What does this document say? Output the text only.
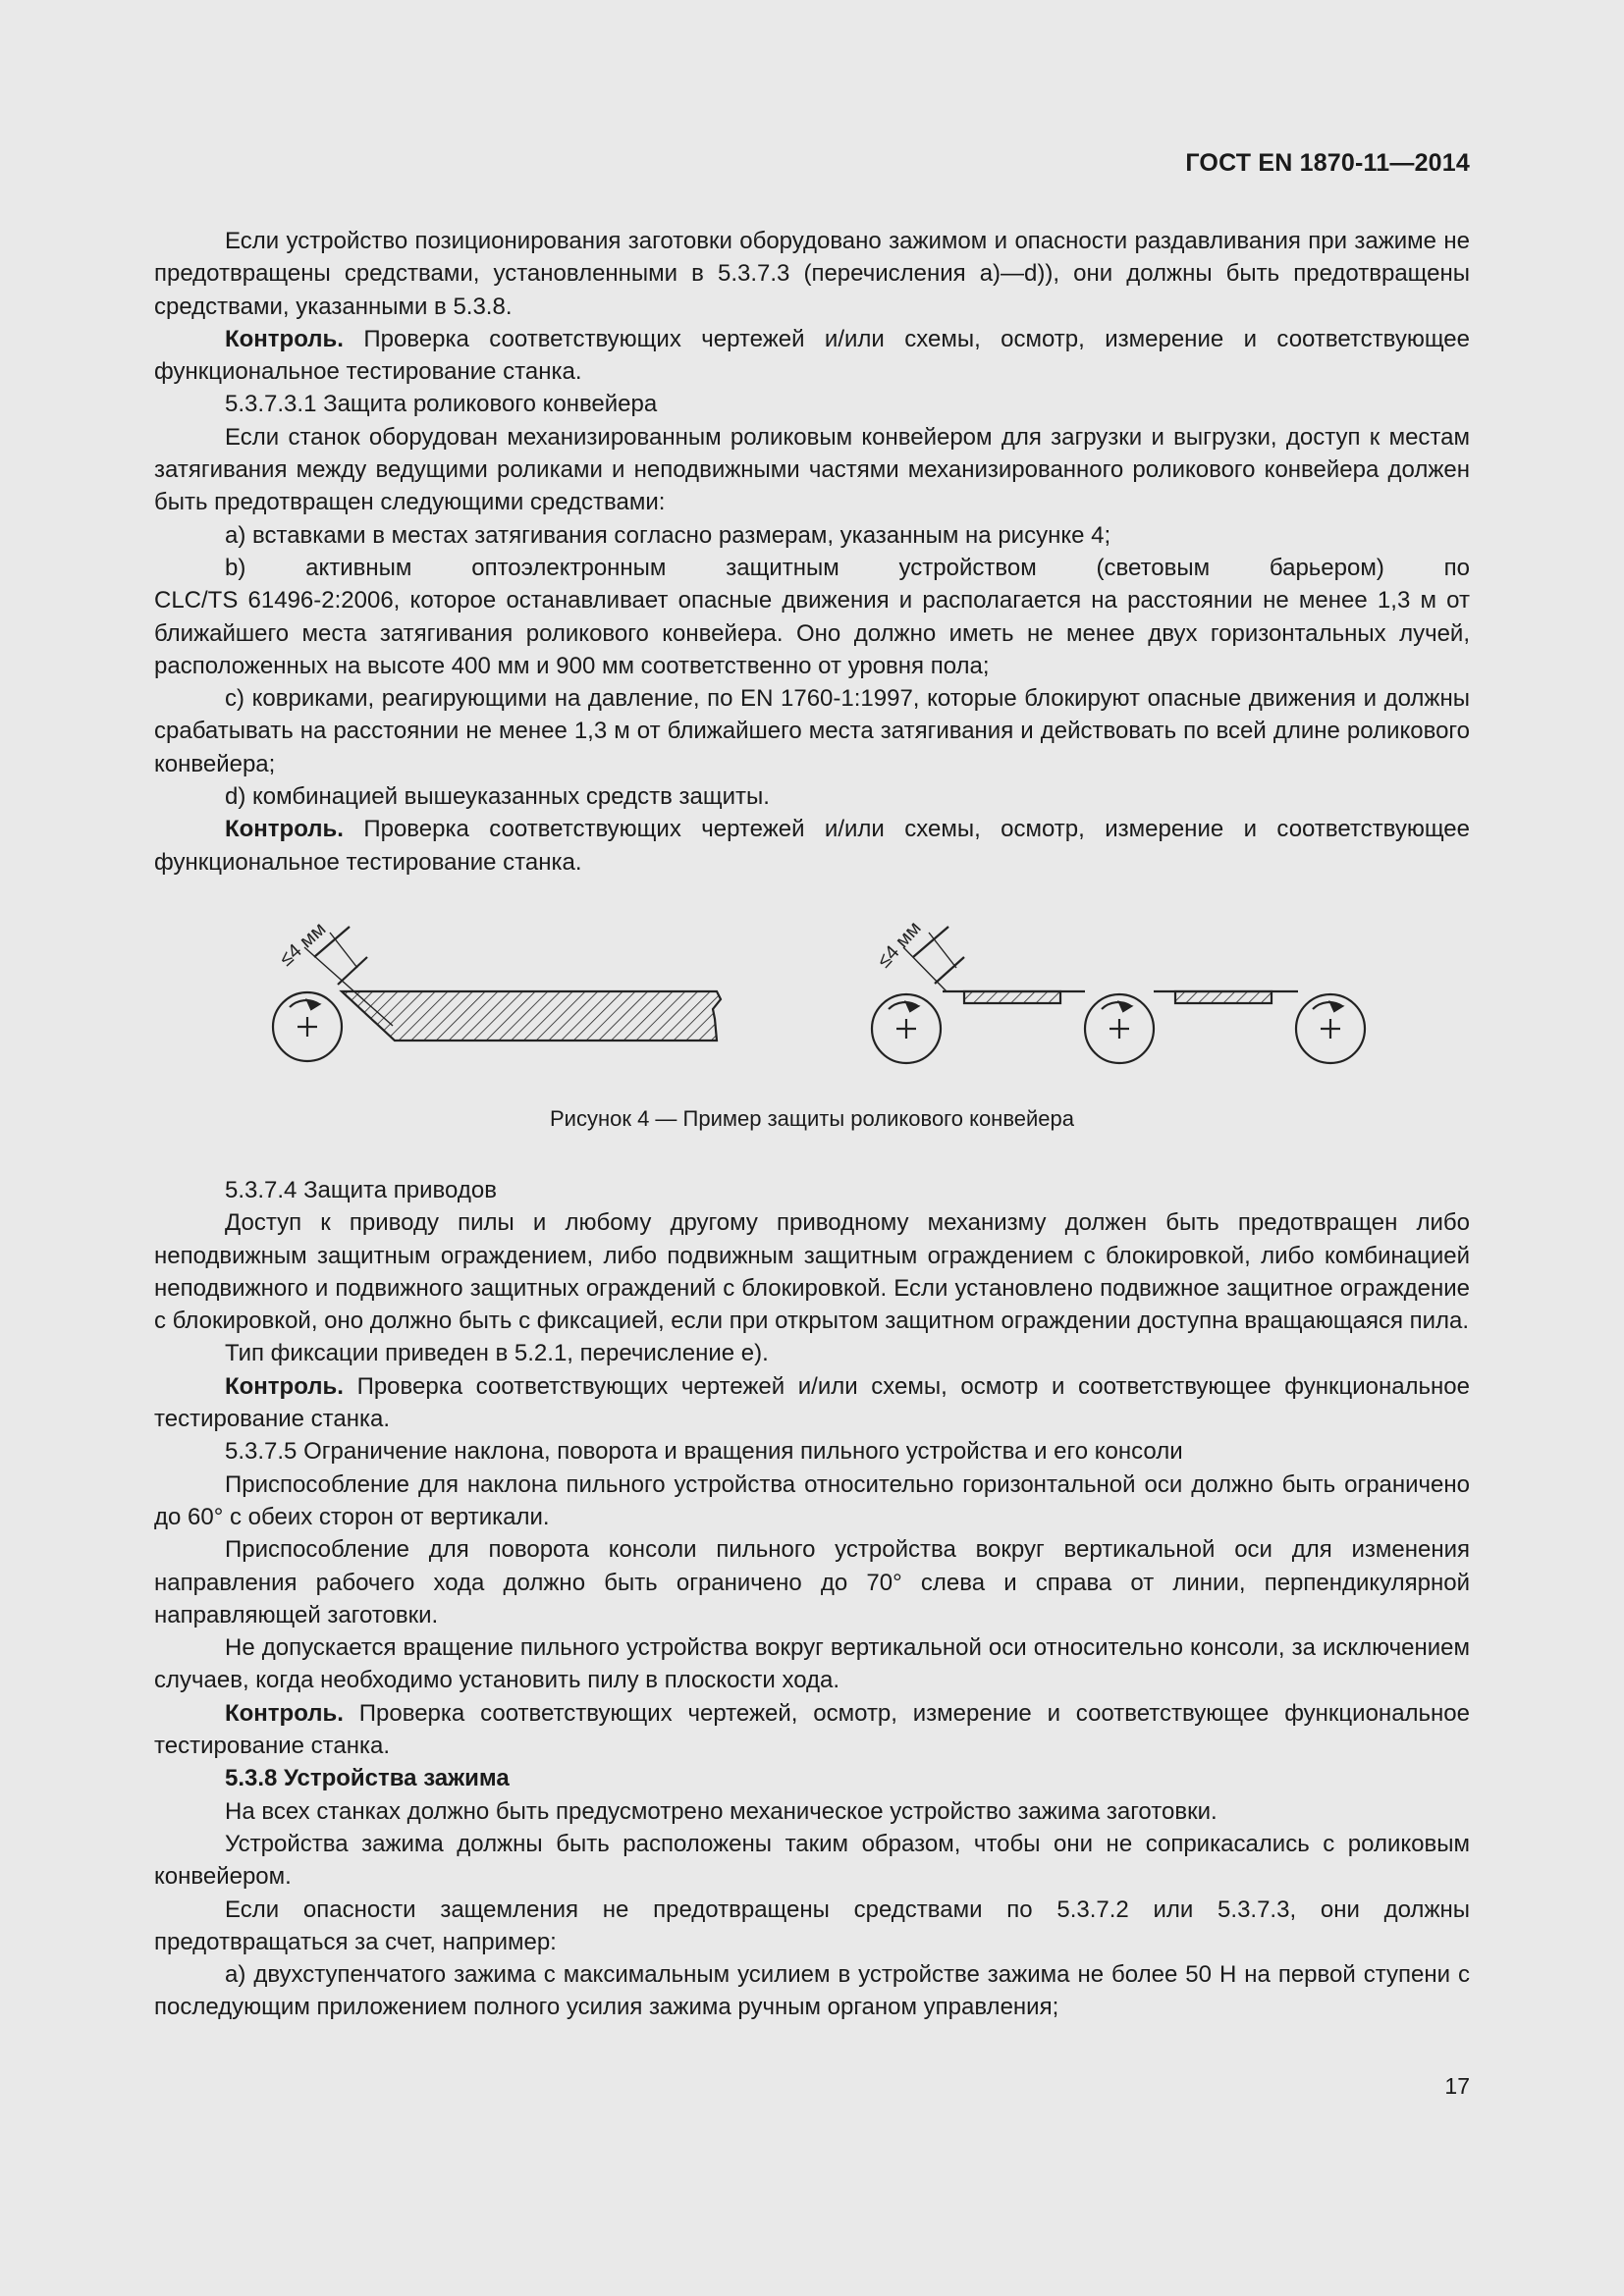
ГОСТ EN 1870-11—2014

Если устройство позиционирования заготовки оборудовано зажимом и опасности раздавливания при зажиме не предотвращены средствами, установленными в 5.3.7.3 (перечисления а)—d)), они должны быть предотвращены средствами, указанными в 5.3.8.

Контроль. Проверка соответствующих чертежей и/или схемы, осмотр, измерение и соответствующее функциональное тестирование станка.

5.3.7.3.1 Защита роликового конвейера

Если станок оборудован механизированным роликовым конвейером для загрузки и выгрузки, доступ к местам затягивания между ведущими роликами и неподвижными частями механизированного роликового конвейера должен быть предотвращен следующими средствами:

a) вставками в местах затягивания согласно размерам, указанным на рисунке 4;

b) активным оптоэлектронным защитным устройством (световым барьером) по

CLC/TS 61496-2:2006, которое останавливает опасные движения и располагается на расстоянии не менее 1,3 м от ближайшего места затягивания роликового конвейера. Оно должно иметь не менее двух горизонтальных лучей, расположенных на высоте 400 мм и 900 мм соответственно от уровня пола;

c) ковриками, реагирующими на давление, по EN 1760-1:1997, которые блокируют опасные движения и должны срабатывать на расстоянии не менее 1,3 м от ближайшего места затягивания и действовать по всей длине роликового конвейера;

d) комбинацией вышеуказанных средств защиты.

Контроль. Проверка соответствующих чертежей и/или схемы, осмотр, измерение и соответствующее функциональное тестирование станка.

≤4 мм	≤4 мм
Рисунок 4 — Пример защиты роликового конвейера

5.3.7.4 Защита приводов

Доступ к приводу пилы и любому другому приводному механизму должен быть предотвращен либо неподвижным защитным ограждением, либо подвижным защитным ограждением с блокировкой, либо комбинацией неподвижного и подвижного защитных ограждений с блокировкой. Если установлено подвижное защитное ограждение с блокировкой, оно должно быть с фиксацией, если при открытом защитном ограждении доступна вращающаяся пила.

Тип фиксации приведен в 5.2.1, перечисление е).

Контроль. Проверка соответствующих чертежей и/или схемы, осмотр и соответствующее функциональное тестирование станка.

5.3.7.5 Ограничение наклона, поворота и вращения пильного устройства и его консоли

Приспособление для наклона пильного устройства относительно горизонтальной оси должно быть ограничено до 60° с обеих сторон от вертикали.

Приспособление для поворота консоли пильного устройства вокруг вертикальной оси для изменения направления рабочего хода должно быть ограничено до 70° слева и справа от линии, перпендикулярной направляющей заготовки.

Не допускается вращение пильного устройства вокруг вертикальной оси относительно консоли, за исключением случаев, когда необходимо установить пилу в плоскости хода.

Контроль. Проверка соответствующих чертежей, осмотр, измерение и соответствующее функциональное тестирование станка.

5.3.8 Устройства зажима

На всех станках должно быть предусмотрено механическое устройство зажима заготовки.

Устройства зажима должны быть расположены таким образом, чтобы они не соприкасались с роликовым конвейером.

Если опасности защемления не предотвращены средствами по 5.3.7.2 или 5.3.7.3, они должны предотвращаться за счет, например:

a) двухступенчатого зажима с максимальным усилием в устройстве зажима не более 50 Н на первой ступени с последующим приложением полного усилия зажима ручным органом управления;

17
